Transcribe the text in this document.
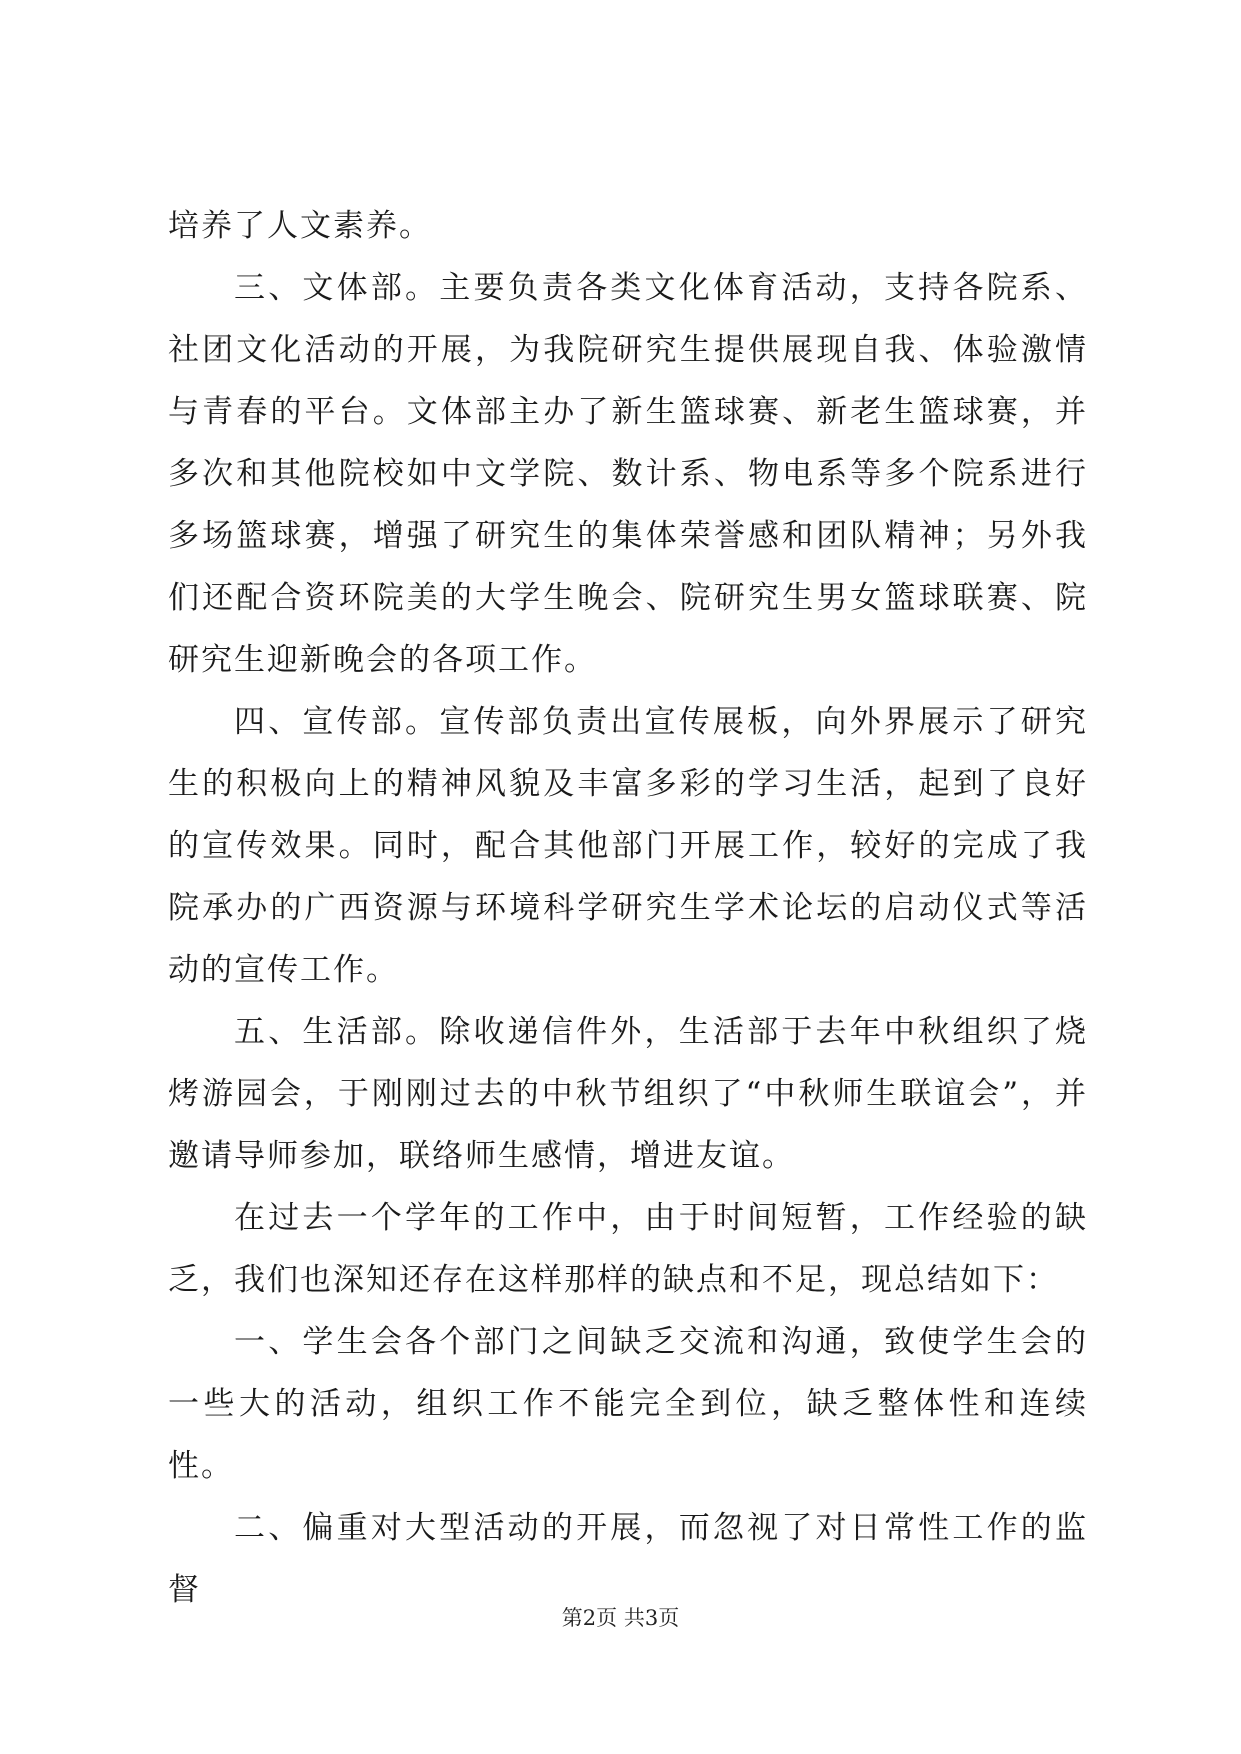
培养了人文素养。

三、文体部。主要负责各类文化体育活动，支持各院系、社团文化活动的开展，为我院研究生提供展现自我、体验激情与青春的平台。文体部主办了新生篮球赛、新老生篮球赛，并多次和其他院校如中文学院、数计系、物电系等多个院系进行多场篮球赛，增强了研究生的集体荣誉感和团队精神；另外我们还配合资环院美的大学生晚会、院研究生男女篮球联赛、院研究生迎新晚会的各项工作。

四、宣传部。宣传部负责出宣传展板，向外界展示了研究生的积极向上的精神风貌及丰富多彩的学习生活，起到了良好的宣传效果。同时，配合其他部门开展工作，较好的完成了我院承办的广西资源与环境科学研究生学术论坛的启动仪式等活动的宣传工作。

五、生活部。除收递信件外，生活部于去年中秋组织了烧烤游园会，于刚刚过去的中秋节组织了“中秋师生联谊会”，并邀请导师参加，联络师生感情，增进友谊。

在过去一个学年的工作中，由于时间短暂，工作经验的缺乏，我们也深知还存在这样那样的缺点和不足，现总结如下：

一、学生会各个部门之间缺乏交流和沟通，致使学生会的一些大的活动，组织工作不能完全到位，缺乏整体性和连续性。

二、偏重对大型活动的开展，而忽视了对日常性工作的监督

第2页 共3页
